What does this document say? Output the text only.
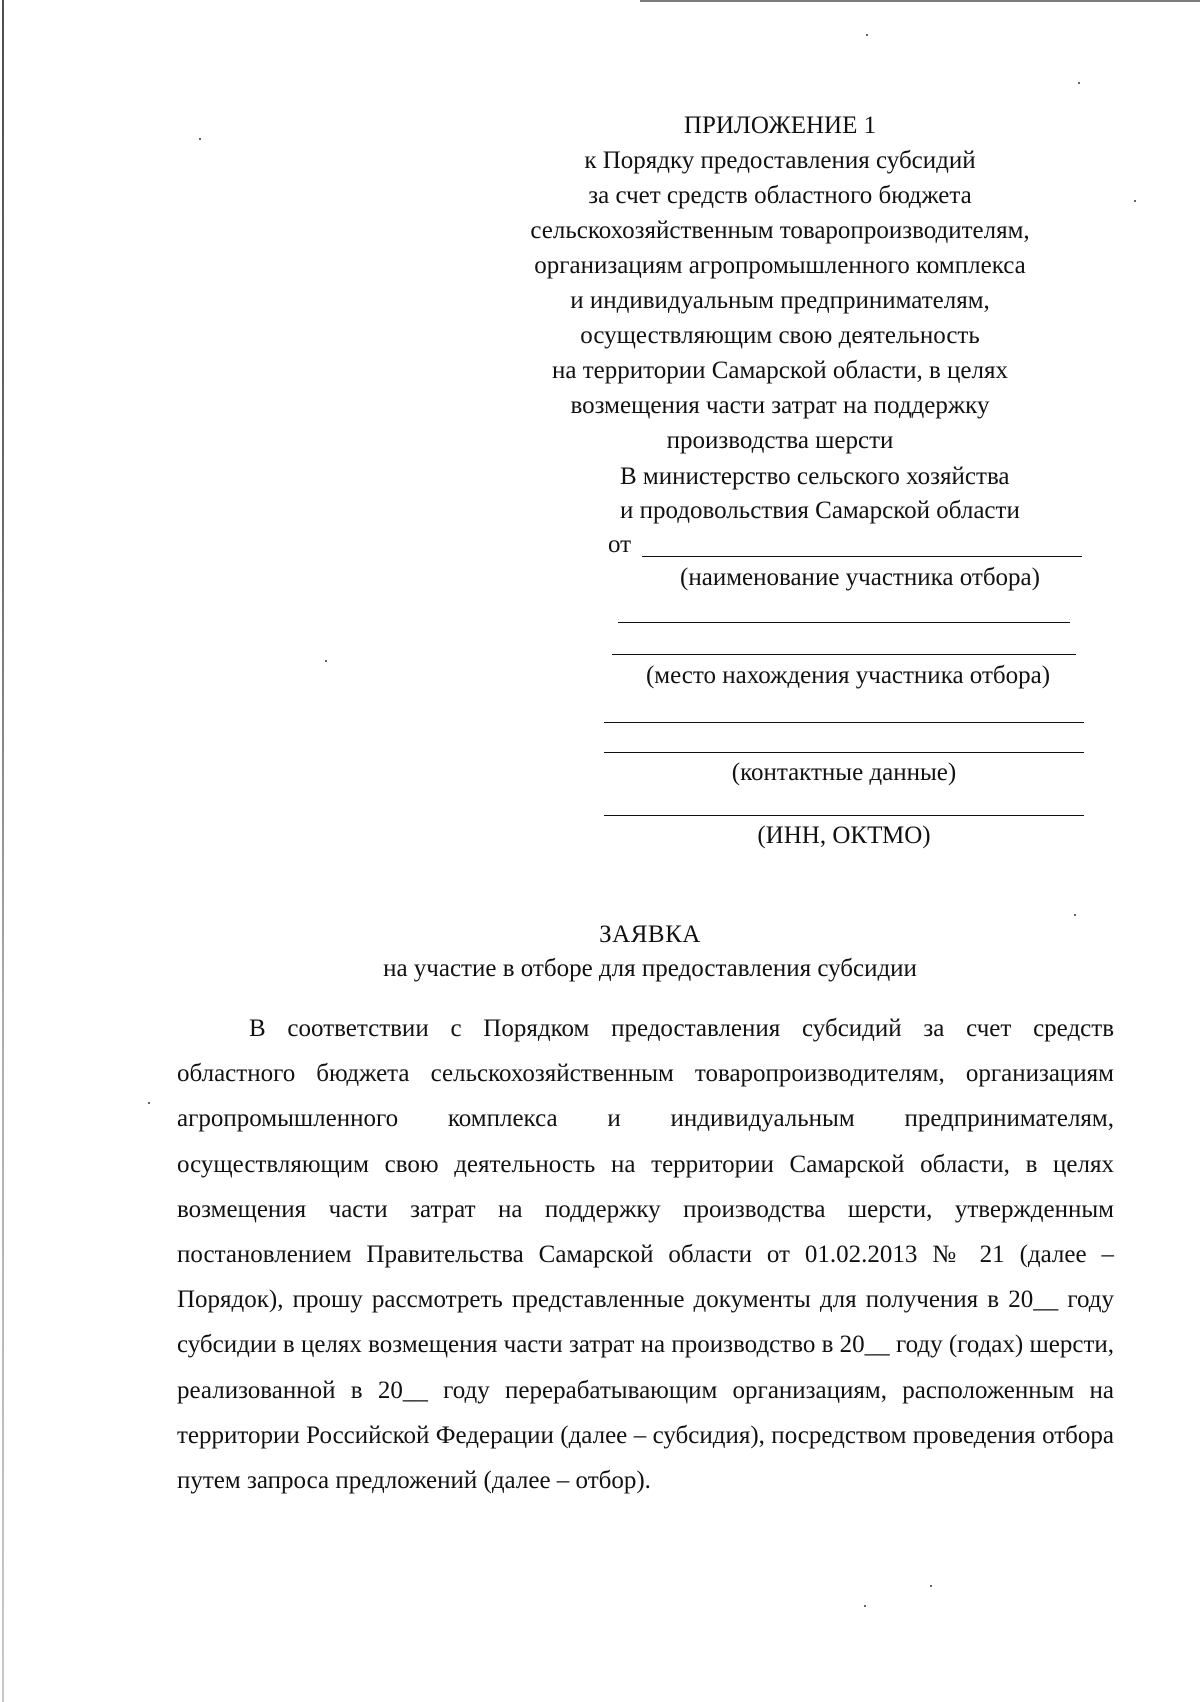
ПРИЛОЖЕНИЕ 1
к Порядку предоставления субсидий
за счет средств областного бюджета
сельскохозяйственным товаропроизводителям,
организациям агропромышленного комплекса
и индивидуальным предпринимателям,
осуществляющим свою деятельность
на территории Самарской области, в целях
возмещения части затрат на поддержку
производства шерсти
В министерство сельского хозяйства
и продовольствия Самарской области
от
(наименование участника отбора)
(место нахождения участника отбора)
(контактные данные)
(ИНН, ОКТМО)
ЗАЯВКА
на участие в отборе для предоставления субсидии
В соответствии с Порядком предоставления субсидий за счет средств областного бюджета сельскохозяйственным товаропроизводителям, организациям агропромышленного комплекса и индивидуальным предпринимателям, осуществляющим свою деятельность на территории Самарской области, в целях возмещения части затрат на поддержку производства шерсти, утвержденным постановлением Правительства Самарской области от 01.02.2013 № 21 (далее – Порядок), прошу рассмотреть представленные документы для получения в 20__ году субсидии в целях возмещения части затрат на производство в 20__ году (годах) шерсти, реализованной в 20__ году перерабатывающим организациям, расположенным на территории Российской Федерации (далее – субсидия), посредством проведения отбора путем запроса предложений (далее – отбор).
